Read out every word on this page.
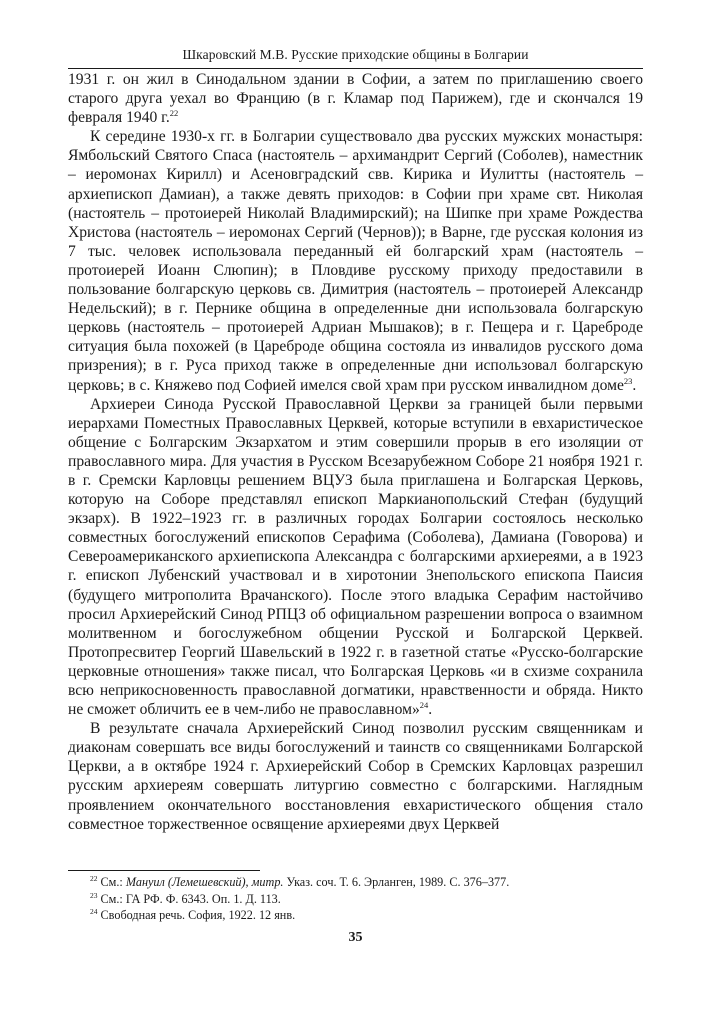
Шкаровский М.В. Русские приходские общины в Болгарии

1931 г. он жил в Синодальном здании в Софии, а затем по приглашению своего старого друга уехал во Францию (в г. Кламар под Парижем), где и скончался 19 февраля 1940 г.$^{22}$

К середине 1930-х гг. в Болгарии существовало два русских мужских монастыря: Ямбольский Святого Спаса (настоятель – архимандрит Сергий (Соболев), наместник – иеромонах Кирилл) и Асеновградский свв. Кирика и Иулитты (настоятель – архиепископ Дамиан), а также девять приходов: в Софии при храме свт. Николая (настоятель – протоиерей Николай Владимирский); на Шипке при храме Рождества Христова (настоятель – иеромонах Сергий (Чернов)); в Варне, где русская колония из 7 тыс. человек использовала переданный ей болгарский храм (настоятель – протоиерей Иоанн Слюпин); в Пловдиве русскому приходу предоставили в пользование болгарскую церковь св. Димитрия (настоятель – протоиерей Александр Недельский); в г. Пернике община в определенные дни использовала болгарскую церковь (настоятель – протоиерей Адриан Мышаков); в г. Пещера и г. Цареброде ситуация была похожей (в Цареброде община состояла из инвалидов русского дома призрения); в г. Руса приход также в определенные дни использовал болгарскую церковь; в с. Княжево под Софией имелся свой храм при русском инвалидном доме$^{23}$.

Архиереи Синода Русской Православной Церкви за границей были первыми иерархами Поместных Православных Церквей, которые вступили в евхаристическое общение с Болгарским Экзархатом и этим совершили прорыв в его изоляции от православного мира. Для участия в Русском Всезарубежном Соборе 21 ноября 1921 г. в г. Сремски Карловцы решением ВЦУЗ была приглашена и Болгарская Церковь, которую на Соборе представлял епископ Маркианопольский Стефан (будущий экзарх). В 1922–1923 гг. в различных городах Болгарии состоялось несколько совместных богослужений епископов Серафима (Соболева), Дамиана (Говорова) и Североамериканского архиепископа Александра с болгарскими архиереями, а в 1923 г. епископ Лубенский участвовал и в хиротонии Знепольского епископа Паисия (будущего митрополита Врачанского). После этого владыка Серафим настойчиво просил Архиерейский Синод РПЦЗ об официальном разрешении вопроса о взаимном молитвенном и богослужебном общении Русской и Болгарской Церквей. Протопресвитер Георгий Шавельский в 1922 г. в газетной статье «Русско-болгарские церковные отношения» также писал, что Болгарская Церковь «и в схизме сохранила всю неприкосновенность православной догматики, нравственности и обряда. Никто не сможет обличить ее в чем-либо не православном»$^{24}$.

В результате сначала Архиерейский Синод позволил русским священникам и диаконам совершать все виды богослужений и таинств со священниками Болгарской Церкви, а в октябре 1924 г. Архиерейский Собор в Сремских Карловцах разрешил русским архиереям совершать литургию совместно с болгарскими. Наглядным проявлением окончательного восстановления евхаристического общения стало совместное торжественное освящение архиереями двух Церквей

$^{22}$ См.: Мануил (Лемешевский), митр. Указ. соч. Т. 6. Эрланген, 1989. С. 376–377.

$^{23}$ См.: ГА РФ. Ф. 6343. Оп. 1. Д. 113.

$^{24}$ Свободная речь. София, 1922. 12 янв.

35
